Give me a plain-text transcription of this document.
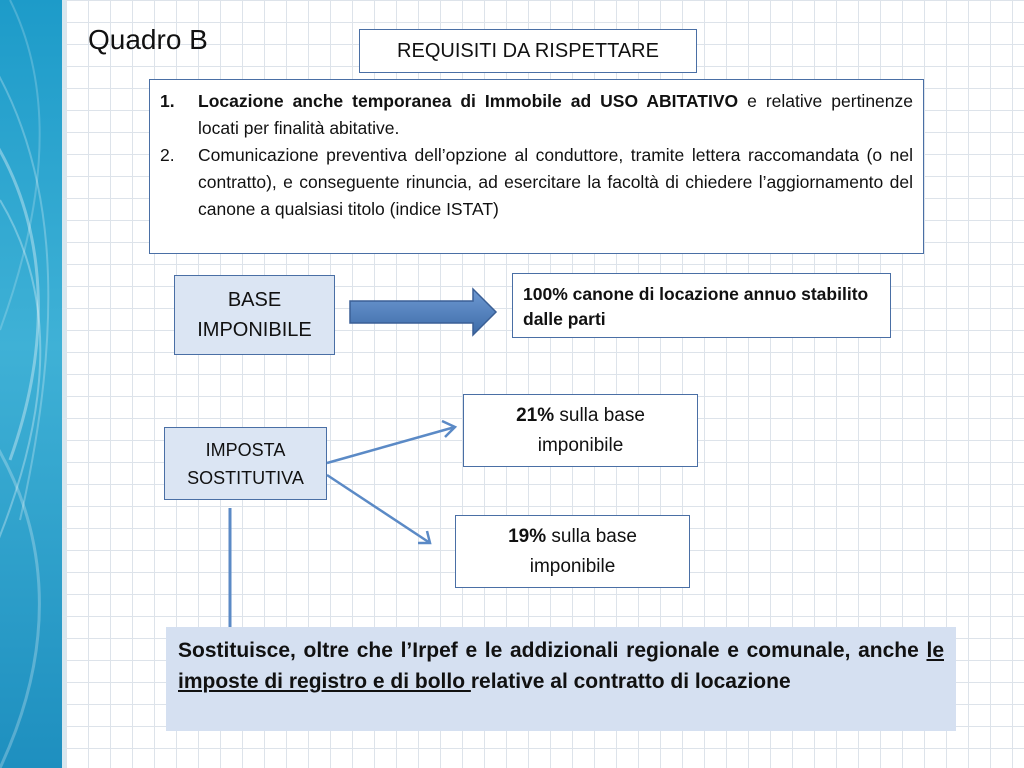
Quadro B	REQUISITI DA RISPETTARE
1.	Locazione anche temporanea di Immobile ad USO ABITATIVO e relative pertinenze locati per finalità abitative.
2.	Comunicazione preventiva dell’opzione al conduttore, tramite lettera raccomandata (o nel contratto), e conseguente rinuncia, ad esercitare la facoltà di chiedere l’aggiornamento del canone a qualsiasi titolo (indice ISTAT)
BASE
IMPONIBILE
100% canone di locazione annuo stabilito dalle parti
IMPOSTA
SOSTITUTIVA
21% sulla base
imponibile
19% sulla base
imponibile
Sostituisce, oltre che l’Irpef e le addizionali regionale e comunale, anche le imposte di registro e di bollo relative al contratto di locazione
